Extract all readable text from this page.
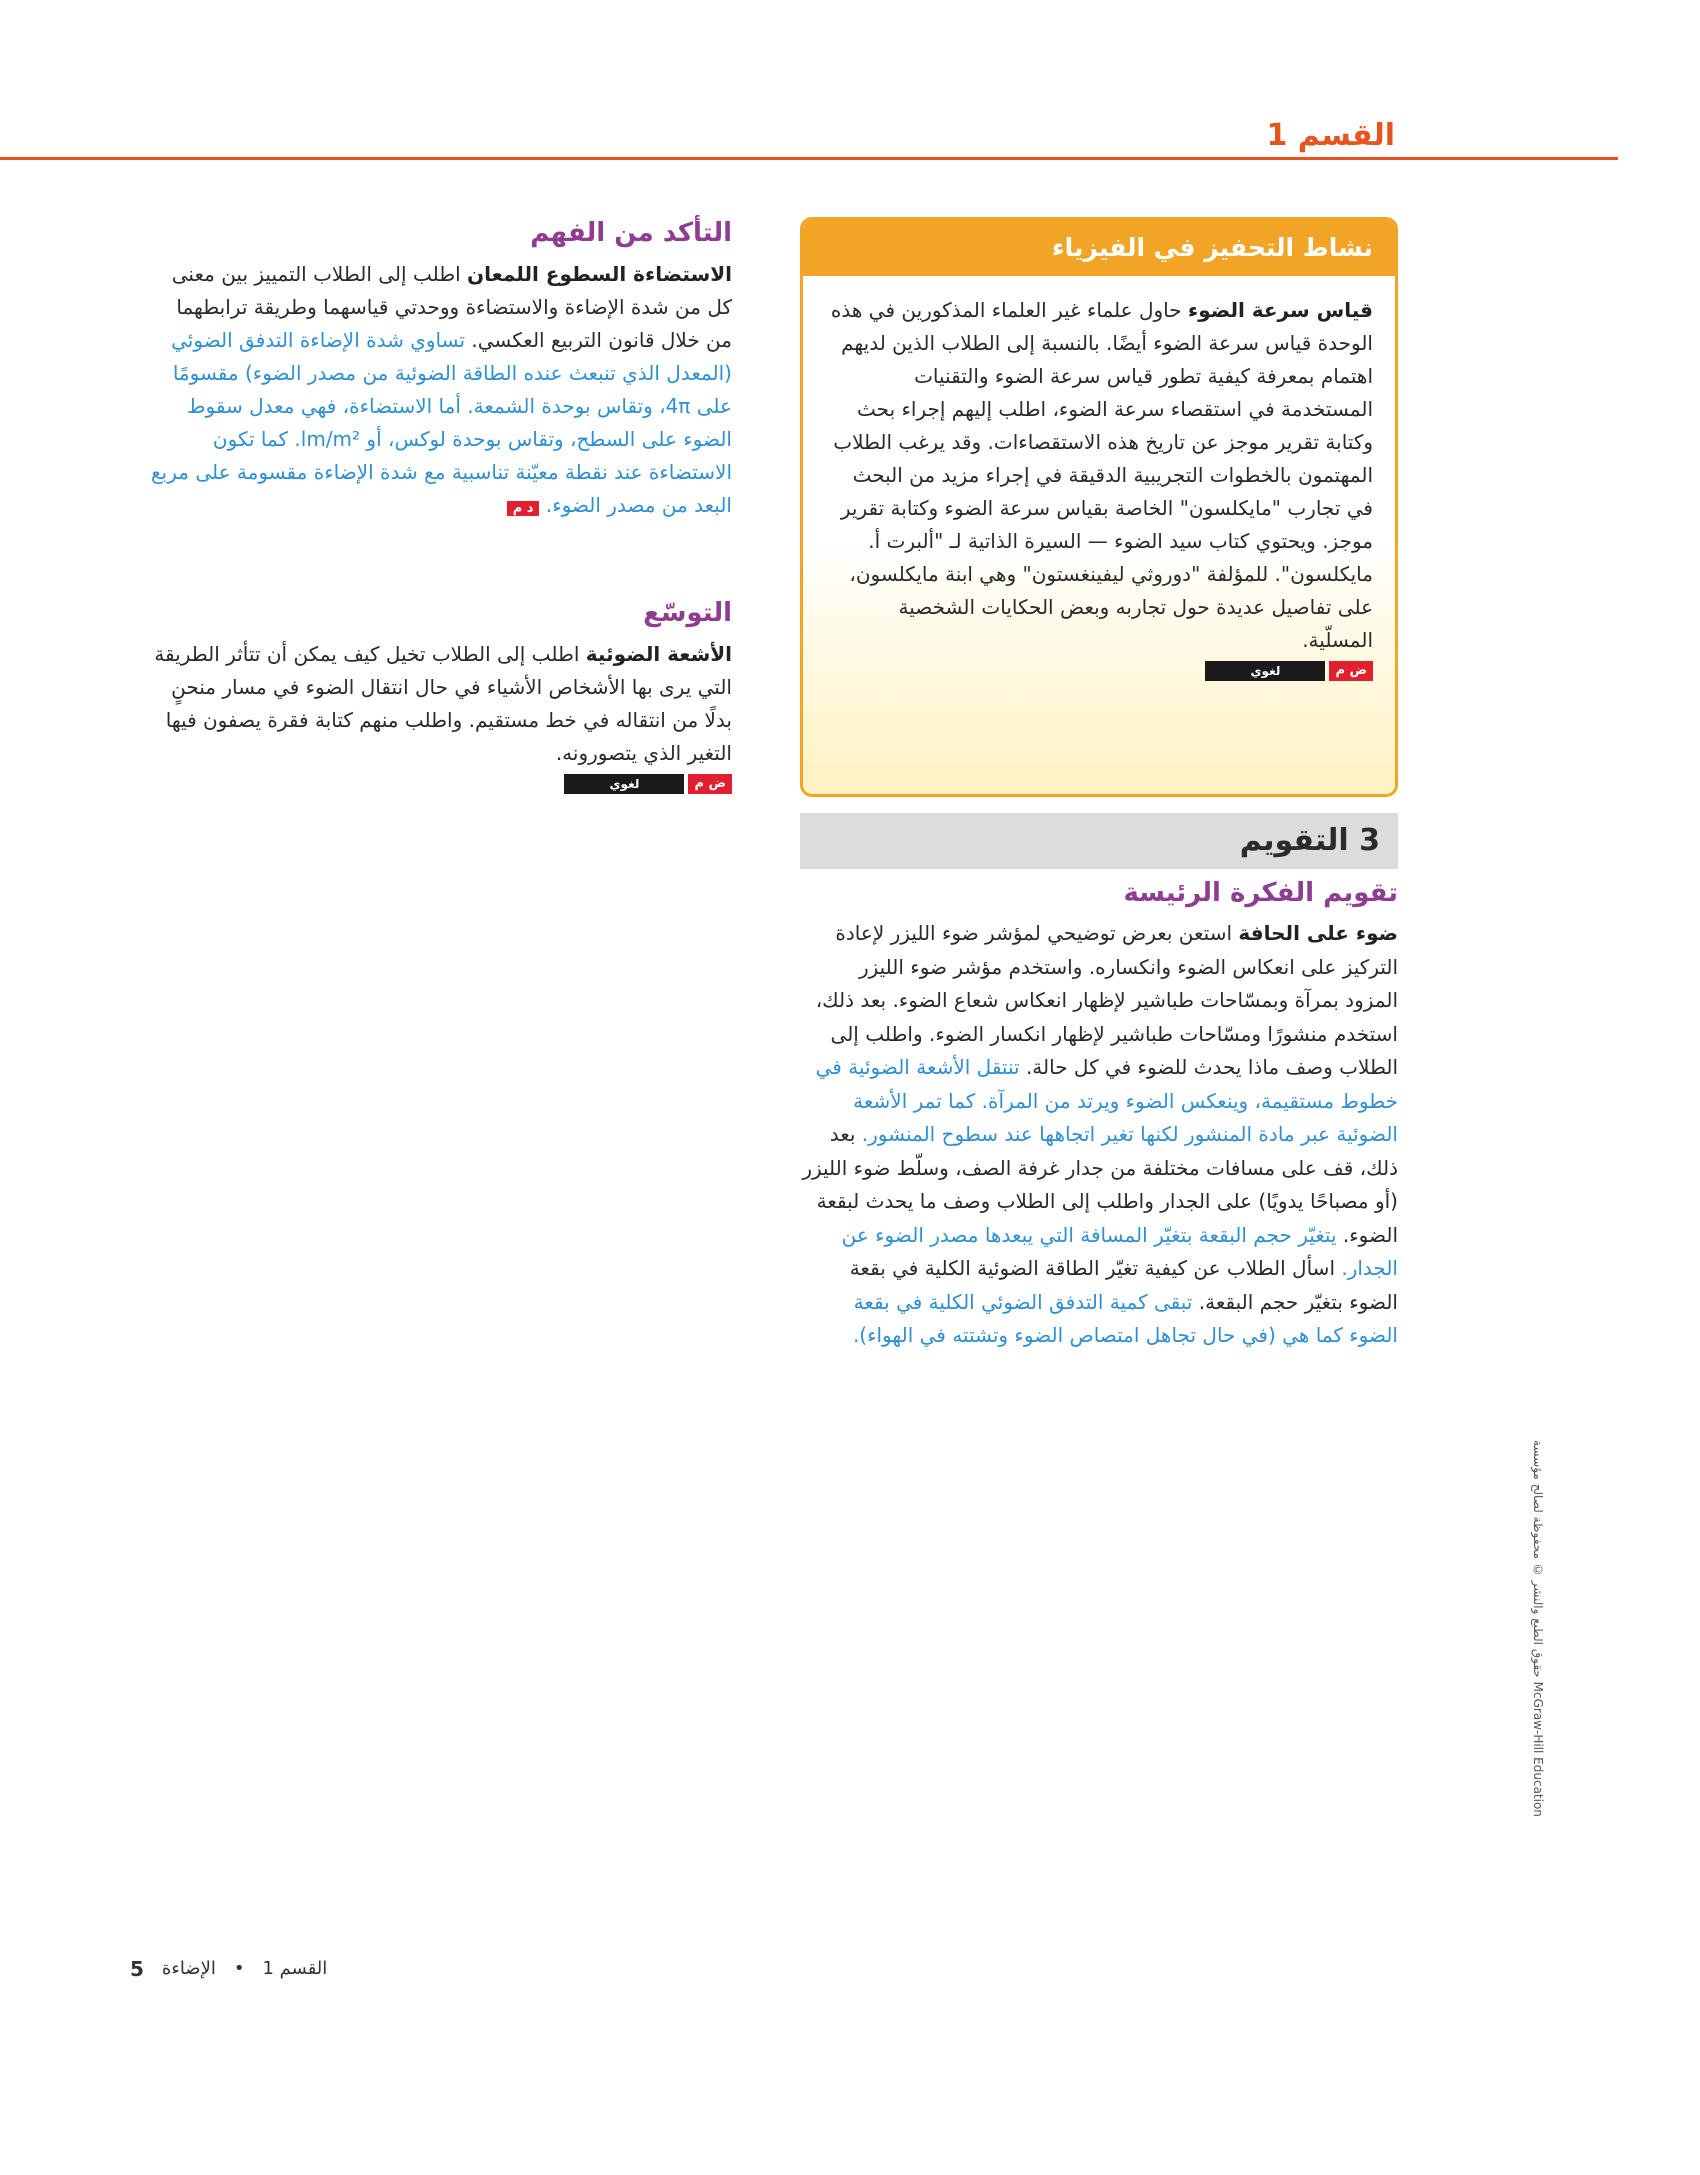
القسم 1
نشاط التحفيز في الفيزياء
قياس سرعة الضوء حاول علماء غير العلماء المذكورين في هذه الوحدة قياس سرعة الضوء أيضًا. بالنسبة إلى الطلاب الذين لديهم اهتمام بمعرفة كيفية تطور قياس سرعة الضوء والتقنيات المستخدمة في استقصاء سرعة الضوء، اطلب إليهم إجراء بحث وكتابة تقرير موجز عن تاريخ هذه الاستقصاءات. وقد يرغب الطلاب المهتمون بالخطوات التجريبية الدقيقة في إجراء مزيد من البحث في تجارب "مايكلسون" الخاصة بقياس سرعة الضوء وكتابة تقرير موجز. ويحتوي كتاب سيد الضوء — السيرة الذاتية لـ "ألبرت أ. مايكلسون". للمؤلفة "دوروثي ليفينغستون" وهي ابنة مايكلسون، على تفاصيل عديدة حول تجاربه وبعض الحكايات الشخصية المسلّية.
ض م
لغوي
3 التقويم
تقويم الفكرة الرئيسة
ضوء على الحافة استعن بعرض توضيحي لمؤشر ضوء الليزر لإعادة التركيز على انعكاس الضوء وانكساره. واستخدم مؤشر ضوء الليزر المزود بمرآة وبمسّاحات طباشير لإظهار انعكاس شعاع الضوء. بعد ذلك، استخدم منشورًا ومسّاحات طباشير لإظهار انكسار الضوء. واطلب إلى الطلاب وصف ماذا يحدث للضوء في كل حالة. تنتقل الأشعة الضوئية في خطوط مستقيمة، وينعكس الضوء ويرتد من المرآة. كما تمر الأشعة الضوئية عبر مادة المنشور لكنها تغير اتجاهها عند سطوح المنشور. بعد ذلك، قف على مسافات مختلفة من جدار غرفة الصف، وسلّط ضوء الليزر (أو مصباحًا يدويًا) على الجدار واطلب إلى الطلاب وصف ما يحدث لبقعة الضوء. يتغيّر حجم البقعة بتغيّر المسافة التي يبعدها مصدر الضوء عن الجدار. اسأل الطلاب عن كيفية تغيّر الطاقة الضوئية الكلية في بقعة الضوء بتغيّر حجم البقعة. تبقى كمية التدفق الضوئي الكلية في بقعة الضوء كما هي (في حال تجاهل امتصاص الضوء وتشتته في الهواء).
التأكد من الفهم
الاستضاءة السطوع اللمعان اطلب إلى الطلاب التمييز بين معنى كل من شدة الإضاءة والاستضاءة ووحدتي قياسهما وطريقة ترابطهما من خلال قانون التربيع العكسي. تساوي شدة الإضاءة التدفق الضوئي (المعدل الذي تنبعث عنده الطاقة الضوئية من مصدر الضوء) مقسومًا على 4π، وتقاس بوحدة الشمعة. أما الاستضاءة، فهي معدل سقوط الضوء على السطح، وتقاس بوحدة لوكس، أو lm/m². كما تكون الاستضاءة عند نقطة معيّنة تناسبية مع شدة الإضاءة مقسومة على مربع البعد من مصدر الضوء. د م
التوسّع
الأشعة الضوئية اطلب إلى الطلاب تخيل كيف يمكن أن تتأثر الطريقة التي يرى بها الأشخاص الأشياء في حال انتقال الضوء في مسار منحنٍ بدلًا من انتقاله في خط مستقيم. واطلب منهم كتابة فقرة يصفون فيها التغير الذي يتصورونه.
ض م
لغوي
حقوق الطبع والنشر © محفوظة لصالح مؤسسة McGraw-Hill Education
القسم 1
•
الإضاءة
5
